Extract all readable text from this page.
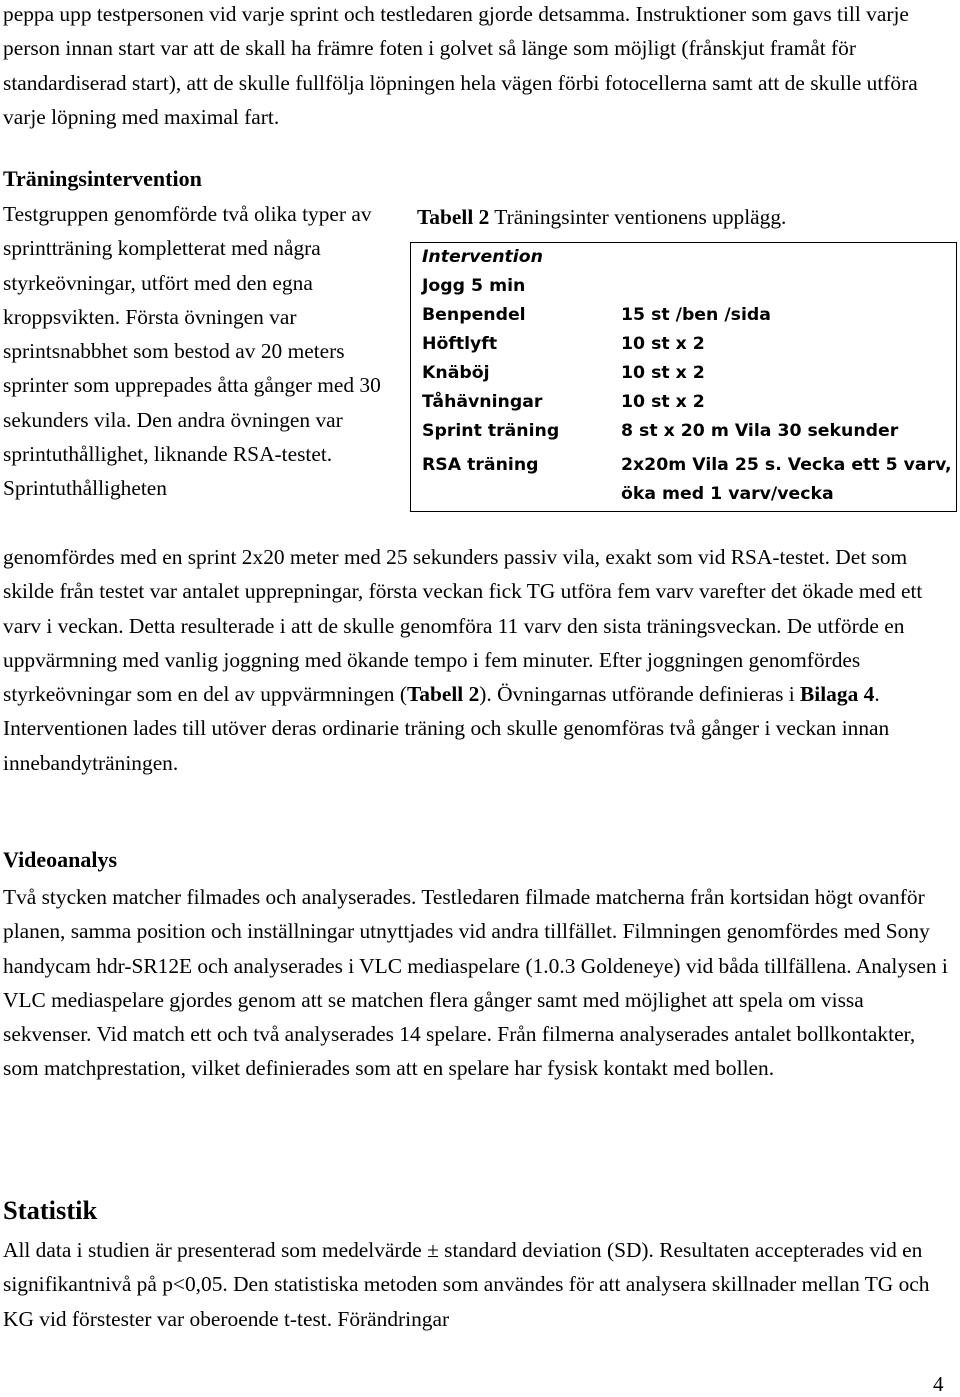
peppa upp testpersonen vid varje sprint och testledaren gjorde detsamma. Instruktioner som gavs till varje person innan start var att de skall ha främre foten i golvet så länge som möjligt (frånskjut framåt för standardiserad start), att de skulle fullfölja löpningen hela vägen förbi fotocellerna samt att de skulle utföra varje löpning med maximal fart.

Träningsintervention

Testgruppen genomförde två olika typer av sprintträning kompletterat med några styrkeövningar, utfört med den egna kroppsvikten. Första övningen var sprintsnabbhet som bestod av 20 meters sprinter som upprepades åtta gånger med 30 sekunders vila. Den andra övningen var sprintuthållighet, liknande RSA-testet. Sprintuthålligheten

Tabell 2 Träningsinter ventionens upplägg.
Intervention
Jogg 5 min
Benpendel	15 st /ben /sida
Höftlyft	10 st x 2
Knäböj	10 st x 2
Tåhävningar	10 st x 2
Sprint träning	8 st x 20 m Vila 30 sekunder
RSA träning	2x20m Vila 25 s. Vecka ett 5 varv,
öka med 1 varv/vecka

genomfördes med en sprint 2x20 meter med 25 sekunders passiv vila, exakt som vid RSA-testet. Det som skilde från testet var antalet upprepningar, första veckan fick TG utföra fem varv varefter det ökade med ett varv i veckan. Detta resulterade i att de skulle genomföra 11 varv den sista träningsveckan. De utförde en uppvärmning med vanlig joggning med ökande tempo i fem minuter. Efter joggningen genomfördes styrkeövningar som en del av uppvärmningen (Tabell 2). Övningarnas utförande definieras i Bilaga 4. Interventionen lades till utöver deras ordinarie träning och skulle genomföras två gånger i veckan innan innebandyträningen.

Videoanalys

Två stycken matcher filmades och analyserades. Testledaren filmade matcherna från kortsidan högt ovanför planen, samma position och inställningar utnyttjades vid andra tillfället. Filmningen genomfördes med Sony handycam hdr-SR12E och analyserades i VLC mediaspelare (1.0.3 Goldeneye) vid båda tillfällena. Analysen i VLC mediaspelare gjordes genom att se matchen flera gånger samt med möjlighet att spela om vissa sekvenser. Vid match ett och två analyserades 14 spelare. Från filmerna analyserades antalet bollkontakter, som matchprestation, vilket definierades som att en spelare har fysisk kontakt med bollen.

Statistik

All data i studien är presenterad som medelvärde ± standard deviation (SD). Resultaten accepterades vid en signifikantnivå på p<0,05. Den statistiska metoden som användes för att analysera skillnader mellan TG och KG vid förstester var oberoende t-test. Förändringar

4
